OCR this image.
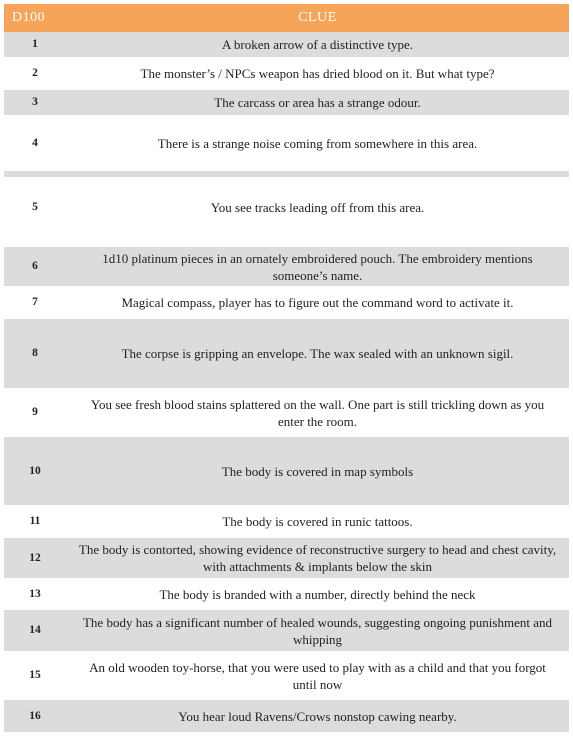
D100	CLUE
1	A broken arrow of a distinctive type.
2	The monster’s / NPCs weapon has dried blood on it. But what type?
3	The carcass or area has a strange odour.
4	There is a strange noise coming from somewhere in this area.
5	You see tracks leading off from this area.
6	1d10 platinum pieces in an ornately embroidered pouch. The embroidery mentions someone’s name.
7	Magical compass, player has to figure out the command word to activate it.
8	The corpse is gripping an envelope. The wax sealed with an unknown sigil.
9	You see fresh blood stains splattered on the wall. One part is still trickling down as you enter the room.
10	The body is covered in map symbols
11	The body is covered in runic tattoos.
12	The body is contorted, showing evidence of reconstructive surgery to head and chest cavity, with attachments & implants below the skin
13	The body is branded with a number, directly behind the neck
14	The body has a significant number of healed wounds, suggesting ongoing punishment and whipping
15	An old wooden toy-horse, that you were used to play with as a child and that you forgot until now
16	You hear loud Ravens/Crows nonstop cawing nearby.
